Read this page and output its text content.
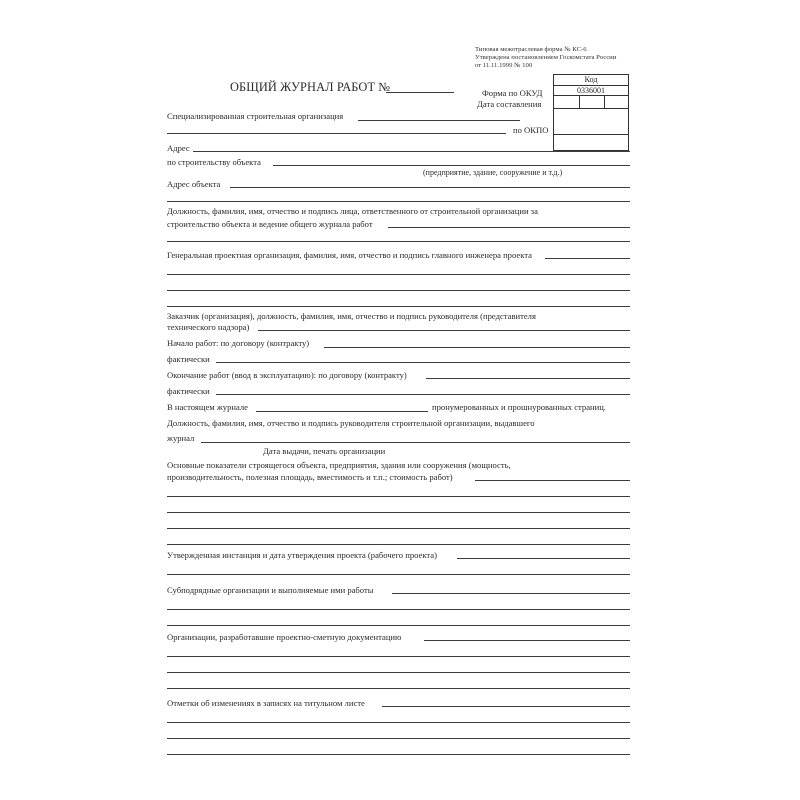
Типовая межотраслевая форма № КС-6
Утверждена постановлением Госкомстата России
от 11.11.1999 № 100
ОБЩИЙ ЖУРНАЛ РАБОТ №
Код
0336001
Форма по ОКУД
Дата составления
Специализированная строительная организация
по ОКПО
Адрес
по строительству объекта
(предприятие, здание, сооружение и т.д.)
Адрес объекта
Должность, фамилия, имя, отчество и подпись лица, ответственного от строительной организации за
строительство объекта и ведение общего журнала работ
Генеральная проектная организация, фамилия, имя, отчество и подпись главного инженера проекта
Заказчик (организация), должность, фамилия, имя, отчество и подпись руководителя (представителя
технического надзора)
Начало работ: по договору (контракту)
фактически
Окончание работ (ввод в эксплуатацию): по договору (контракту)
фактически
В настоящем журнале	пронумерованных и прошнурованных страниц.
Должность, фамилия, имя, отчество и подпись руководителя строительной организации, выдавшего
журнал
Дата выдачи, печать организации
Основные показатели строящегося объекта, предприятия, здания или сооружения (мощность,
производительность, полезная площадь, вместимость и т.п.; стоимость работ)
Утвержденная инстанция и дата утверждения проекта (рабочего проекта)
Субподрядные организации и выполняемые ими работы
Организации, разработавшие проектно-сметную документацию
Отметки об изменениях в записях на титульном листе
